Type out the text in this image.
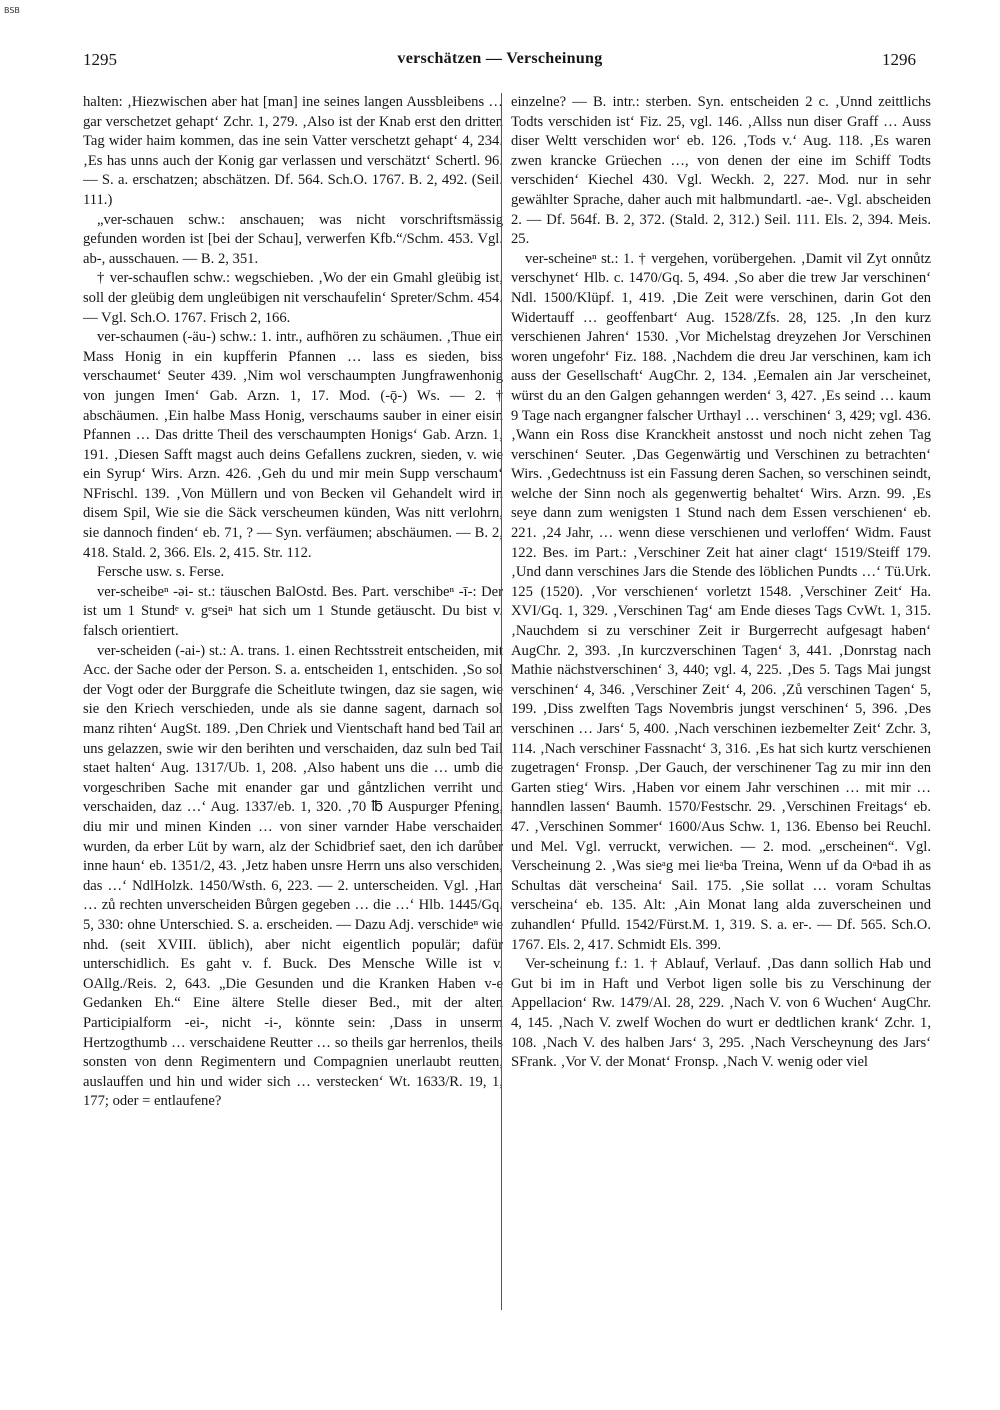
BSB
1295	verschätzen — Verscheinung	1296

halten: ‚Hiezwischen aber hat [man] ine seines langen Aussbleibens … gar verschetzet gehapt‘ Zchr. 1, 279. ‚Also ist der Knab erst den dritten Tag wider haim kommen, das ine sein Vatter verschetzt gehapt‘ 4, 234. ‚Es has unns auch der Konig gar verlassen und verschätzt‘ Schertl. 96. — S. a. erschatzen; abschätzen. Df. 564. Sch.O. 1767. B. 2, 492. (Seil. 111.)

„ver-schauen schw.: anschauen; was nicht vorschriftsmässig gefunden worden ist [bei der Schau], verwerfen Kfb.“/Schm. 453. Vgl. ab-, ausschauen. — B. 2, 351.

† ver-schauflen schw.: wegschieben. ‚Wo der ein Gmahl gleübig ist, soll der gleübig dem ungleübigen nit verschaufelin‘ Spreter/Schm. 454. — Vgl. Sch.O. 1767. Frisch 2, 166.

ver-schaumen (-äu-) schw.: 1. intr., aufhören zu schäumen. ‚Thue ein Mass Honig in ein kupfferin Pfannen … lass es sieden, biss verschaumet‘ Seuter 439. ‚Nim wol verschaumpten Jungfrawenhonig von jungen Imen‘ Gab. Arzn. 1, 17. Mod. (-ǭ-) Ws. — 2. † abschäumen. ‚Ein halbe Mass Honig, verschaums sauber in einer eisin Pfannen … Das dritte Theil des verschaumpten Honigs‘ Gab. Arzn. 1, 191. ‚Diesen Safft magst auch deins Gefallens zuckren, sieden, v. wie ein Syrup‘ Wirs. Arzn. 426. ‚Geh du und mir mein Supp verschaum‘ NFrischl. 139. ‚Von Müllern und von Becken vil Gehandelt wird in disem Spil, Wie sie die Säck verscheumen künden, Was nitt verlohrn, sie dannoch finden‘ eb. 71, ? — Syn. verfäumen; abschäumen. — B. 2, 418. Stald. 2, 366. Els. 2, 415. Str. 112.

Fersche usw. s. Ferse.

ver-scheibeⁿ -əi- st.: täuschen BalOstd. Bes. Part. verschibeⁿ -ī-: Der ist um 1 Stundᵉ v. gᵉseiⁿ hat sich um 1 Stunde getäuscht. Du bist v. falsch orientiert.

ver-scheiden (-ai-) st.: A. trans. 1. einen Rechtsstreit entscheiden, mit Acc. der Sache oder der Person. S. a. entscheiden 1, entschiden. ‚So sol der Vogt oder der Burggrafe die Scheitlute twingen, daz sie sagen, wie sie den Kriech verschieden, unde als sie danne sagent, darnach sol manz rihten‘ AugSt. 189. ‚Den Chriek und Vientschaft hand bed Tail an uns gelazzen, swie wir den berihten und verschaiden, daz suln bed Tail staet halten‘ Aug. 1317/Ub. 1, 208. ‚Also habent uns die … umb die vorgeschriben Sache mit enander gar und gåntzlichen verriht und verschaiden, daz …‘ Aug. 1337/eb. 1, 320. ‚70 ℔ Auspurger Pfening, diu mir und minen Kinden … von siner varnder Habe verschaiden wurden, da erber Lüt by warn, alz der Schidbrief saet, den ich darůber inne haun‘ eb. 1351/2, 43. ‚Jetz haben unsre Herrn uns also verschiden, das …‘ NdlHolzk. 1450/Wsth. 6, 223. — 2. unterscheiden. Vgl. ‚Han … zů rechten unverscheiden Bůrgen gegeben … die …‘ Hlb. 1445/Gq. 5, 330: ohne Unterschied. S. a. erscheiden. — Dazu Adj. verschideⁿ wie nhd. (seit XVIII. üblich), aber nicht eigentlich populär; dafür unterschidlich. Es gaht v. f. Buck. Des Mensche Wille ist v. OAllg./Reis. 2, 643. „Die Gesunden und die Kranken Haben v-e Gedanken Eh.“ Eine ältere Stelle dieser Bed., mit der alten Participialform -ei-, nicht -i-, könnte sein: ‚Dass in unserm Hertzogthumb … verschaidene Reutter … so theils gar herrenlos, theils sonsten von denn Regimentern und Compagnien unerlaubt reutten, auslauffen und hin und wider sich … verstecken‘ Wt. 1633/R. 19, 1, 177; oder = entlaufene?

einzelne? — B. intr.: sterben. Syn. entscheiden 2 c. ‚Unnd zeittlichs Todts verschiden ist‘ Fiz. 25, vgl. 146. ‚Allss nun diser Graff … Auss diser Weltt verschiden wor‘ eb. 126. ‚Tods v.‘ Aug. 118. ‚Es waren zwen krancke Grüechen …, von denen der eine im Schiff Todts verschiden‘ Kiechel 430. Vgl. Weckh. 2, 227. Mod. nur in sehr gewählter Sprache, daher auch mit halbmundartl. -ae-. Vgl. abscheiden 2. — Df. 564f. B. 2, 372. (Stald. 2, 312.) Seil. 111. Els. 2, 394. Meis. 25.

ver-scheineⁿ st.: 1. † vergehen, vorübergehen. ‚Damit vil Zyt onnůtz verschynet‘ Hlb. c. 1470/Gq. 5, 494. ‚So aber die trew Jar verschinen‘ Ndl. 1500/Klüpf. 1, 419. ‚Die Zeit were verschinen, darin Got den Widertauff … geoffenbart‘ Aug. 1528/Zfs. 28, 125. ‚In den kurz verschienen Jahren‘ 1530. ‚Vor Michelstag dreyzehen Jor Verschinen woren ungefohr‘ Fiz. 188. ‚Nachdem die dreu Jar verschinen, kam ich auss der Gesellschaft‘ AugChr. 2, 134. ‚Eemalen ain Jar verscheinet, würst du an den Galgen gehanngen werden‘ 3, 427. ‚Es seind … kaum 9 Tage nach ergangner falscher Urthayl … verschinen‘ 3, 429; vgl. 436. ‚Wann ein Ross dise Kranckheit anstosst und noch nicht zehen Tag verschinen‘ Seuter. ‚Das Gegenwärtig und Verschinen zu betrachten‘ Wirs. ‚Gedechtnuss ist ein Fassung deren Sachen, so verschinen seindt, welche der Sinn noch als gegenwertig behaltet‘ Wirs. Arzn. 99. ‚Es seye dann zum wenigsten 1 Stund nach dem Essen verschienen‘ eb. 221. ‚24 Jahr, … wenn diese verschienen und verloffen‘ Widm. Faust 122. Bes. im Part.: ‚Verschiner Zeit hat ainer clagt‘ 1519/Steiff 179. ‚Und dann verschines Jars die Stende des löblichen Pundts …‘ Tü.Urk. 125 (1520). ‚Vor verschienen‘ vorletzt 1548. ‚Verschiner Zeit‘ Ha. XVI/Gq. 1, 329. ‚Verschinen Tag‘ am Ende dieses Tags CvWt. 1, 315. ‚Nauchdem si zu verschiner Zeit ir Burgerrecht aufgesagt haben‘ AugChr. 2, 393. ‚In kurczverschinen Tagen‘ 3, 441. ‚Donrstag nach Mathie nächstverschinen‘ 3, 440; vgl. 4, 225. ‚Des 5. Tags Mai jungst verschinen‘ 4, 346. ‚Verschiner Zeit‘ 4, 206. ‚Zů verschinen Tagen‘ 5, 199. ‚Diss zwelften Tags Novembris jungst verschinen‘ 5, 396. ‚Des verschinen … Jars‘ 5, 400. ‚Nach verschinen iezbemelter Zeit‘ Zchr. 3, 114. ‚Nach verschiner Fassnacht‘ 3, 316. ‚Es hat sich kurtz verschienen zugetragen‘ Fronsp. ‚Der Gauch, der verschinener Tag zu mir inn den Garten stieg‘ Wirs. ‚Haben vor einem Jahr verschinen … mit mir … hanndlen lassen‘ Baumh. 1570/Festschr. 29. ‚Verschinen Freitags‘ eb. 47. ‚Verschinen Sommer‘ 1600/Aus Schw. 1, 136. Ebenso bei Reuchl. und Mel. Vgl. verruckt, verwichen. — 2. mod. „erscheinen“. Vgl. Verscheinung 2. ‚Was sieᵃg mei lieᵃba Treina, Wenn uf da Oᵃbad ih as Schultas dät verscheina‘ Sail. 175. ‚Sie sollat … voram Schultas verscheina‘ eb. 135. Alt: ‚Ain Monat lang alda zuverscheinen und zuhandlen‘ Pfulld. 1542/Fürst.M. 1, 319. S. a. er-. — Df. 565. Sch.O. 1767. Els. 2, 417. Schmidt Els. 399.

Ver-scheinung f.: 1. † Ablauf, Verlauf. ‚Das dann sollich Hab und Gut bi im in Haft und Verbot ligen solle bis zu Verschinung der Appellacion‘ Rw. 1479/Al. 28, 229. ‚Nach V. von 6 Wuchen‘ AugChr. 4, 145. ‚Nach V. zwelf Wochen do wurt er dedtlichen krank‘ Zchr. 1, 108. ‚Nach V. des halben Jars‘ 3, 295. ‚Nach Verscheynung des Jars‘ SFrank. ‚Vor V. der Monat‘ Fronsp. ‚Nach V. wenig oder viel
